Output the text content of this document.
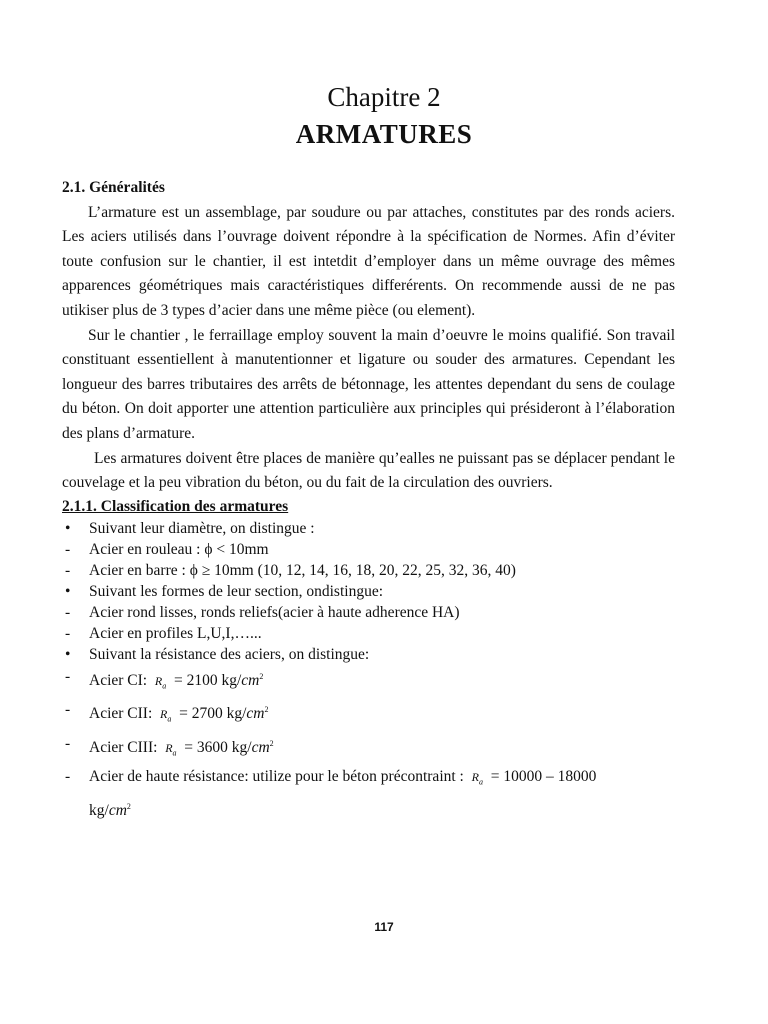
Chapitre 2
ARMATURES

2.1. Généralités

L’armature est un assemblage, par soudure ou par attaches, constitutes par des ronds aciers. Les aciers utilisés dans l’ouvrage doivent répondre à la spécification de Normes. Afin d’éviter toute confusion sur le chantier, il est intetdit d’employer dans un même ouvrage des mêmes apparences géométriques mais caractéristiques differérents. On recommende aussi de ne pas utikiser plus de 3 types d’acier dans une même pièce (ou element).

Sur le chantier , le ferraillage employ souvent la main d’oeuvre le moins qualifié. Son travail constituant essentiellent à manutentionner et ligature ou souder des armatures. Cependant les longueur des barres tributaires des arrêts de bétonnage, les attentes dependant du sens de coulage du béton. On doit apporter une attention particulière aux principles qui présideront à l’élaboration des plans d’armature.

Les armatures doivent être places de manière qu’ealles ne puissant pas se déplacer pendant le couvelage et la peu vibration du béton, ou du fait de la circulation des ouvriers.

2.1.1. Classification des armatures

• Suivant leur diamètre, on distingue :
- Acier en rouleau : ϕ < 10mm
- Acier en barre : ϕ ≥ 10mm (10, 12, 14, 16, 18, 20, 22, 25, 32, 36, 40)
• Suivant les formes de leur section, ondistingue:
- Acier rond lisses, ronds reliefs(acier à haute adherence HA)
- Acier en profiles L,U,I,…...
• Suivant la résistance des aciers, on distingue:
- Acier CI: $R_a = 2100$ $kg/cm^2$
- Acier CII: $R_a = 2700$ $kg/cm^2$
- Acier CIII: $R_a = 3600$ $kg/cm^2$
- Acier de haute résistance: utilize pour le béton précontraint : $R_a = 10000 - 18000$
$kg/cm^2$
117
